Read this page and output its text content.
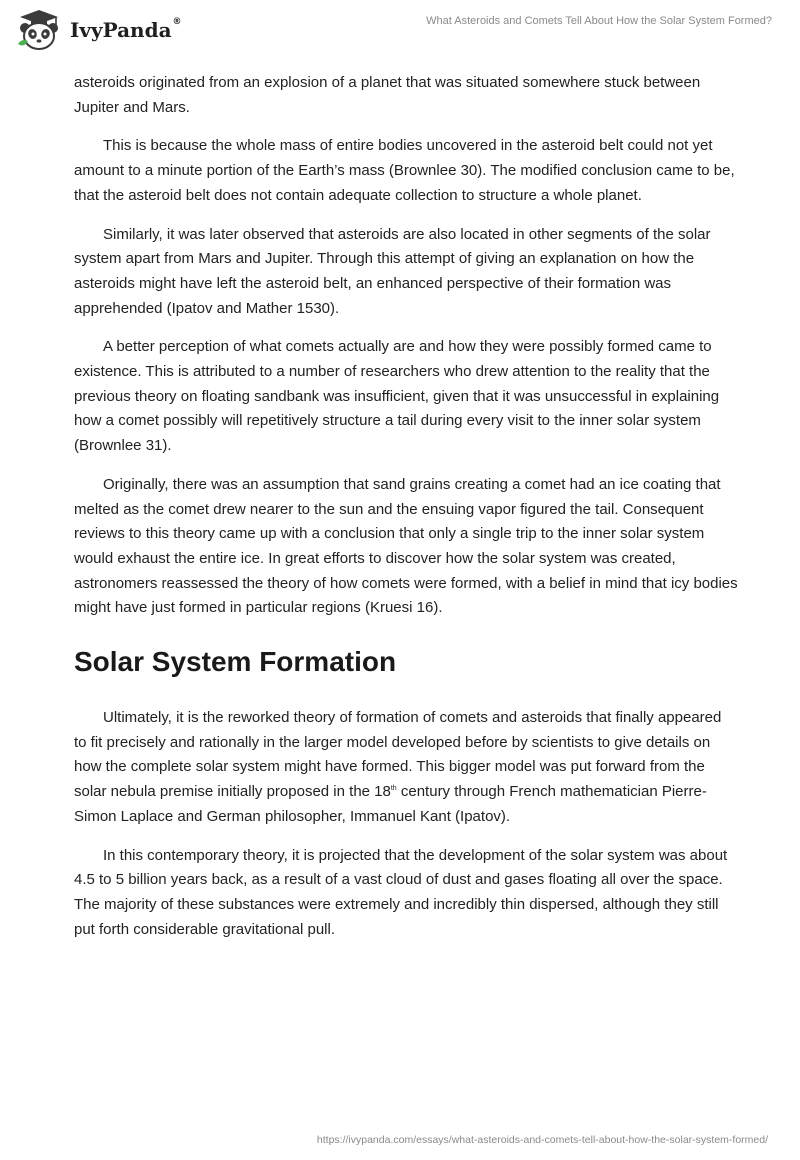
IvyPanda®	What Asteroids and Comets Tell About How the Solar System Formed?

asteroids originated from an explosion of a planet that was situated somewhere stuck between Jupiter and Mars.

This is because the whole mass of entire bodies uncovered in the asteroid belt could not yet amount to a minute portion of the Earth’s mass (Brownlee 30). The modified conclusion came to be, that the asteroid belt does not contain adequate collection to structure a whole planet.

Similarly, it was later observed that asteroids are also located in other segments of the solar system apart from Mars and Jupiter. Through this attempt of giving an explanation on how the asteroids might have left the asteroid belt, an enhanced perspective of their formation was apprehended (Ipatov and Mather 1530).

A better perception of what comets actually are and how they were possibly formed came to existence. This is attributed to a number of researchers who drew attention to the reality that the previous theory on floating sandbank was insufficient, given that it was unsuccessful in explaining how a comet possibly will repetitively structure a tail during every visit to the inner solar system (Brownlee 31).

Originally, there was an assumption that sand grains creating a comet had an ice coating that melted as the comet drew nearer to the sun and the ensuing vapor figured the tail. Consequent reviews to this theory came up with a conclusion that only a single trip to the inner solar system would exhaust the entire ice. In great efforts to discover how the solar system was created, astronomers reassessed the theory of how comets were formed, with a belief in mind that icy bodies might have just formed in particular regions (Kruesi 16).

Solar System Formation

Ultimately, it is the reworked theory of formation of comets and asteroids that finally appeared to fit precisely and rationally in the larger model developed before by scientists to give details on how the complete solar system might have formed. This bigger model was put forward from the solar nebula premise initially proposed in the 18th century through French mathematician Pierre-Simon Laplace and German philosopher, Immanuel Kant (Ipatov).

In this contemporary theory, it is projected that the development of the solar system was about 4.5 to 5 billion years back, as a result of a vast cloud of dust and gases floating all over the space. The majority of these substances were extremely and incredibly thin dispersed, although they still put forth considerable gravitational pull.

https://ivypanda.com/essays/what-asteroids-and-comets-tell-about-how-the-solar-system-formed/
